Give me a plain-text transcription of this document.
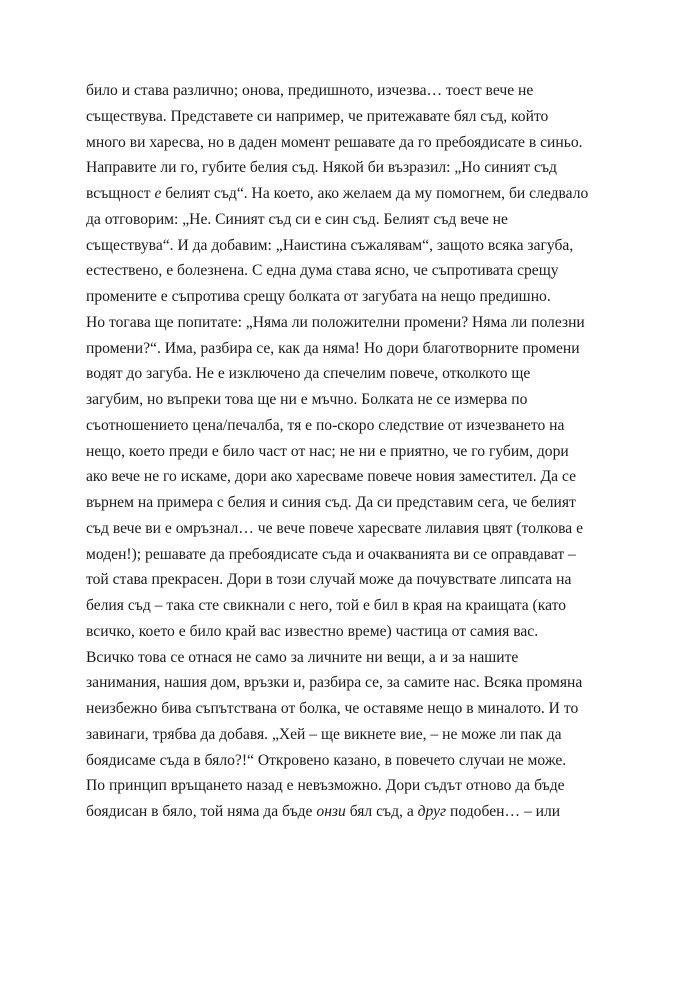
било и става различно; онова, предишното, изчезва… тоест вече не
съществува. Представете си например, че притежавате бял съд, който
много ви харесва, но в даден момент решавате да го пребоядисате в синьо.
Направите ли го, губите белия съд. Някой би възразил: „Но синият съд
всъщност е белият съд“. На което, ако желаем да му помогнем, би следвало
да отговорим: „Не. Синият съд си е син съд. Белият съд вече не
съществува“. И да добавим: „Наистина съжалявам“, защото всяка загуба,
естествено, е болезнена. С една дума става ясно, че съпротивата срещу
промените е съпротива срещу болката от загубата на нещо предишно.
Но тогава ще попитате: „Няма ли положителни промени? Няма ли полезни
промени?“. Има, разбира се, как да няма! Но дори благотворните промени
водят до загуба. Не е изключено да спечелим повече, отколкото ще
загубим, но въпреки това ще ни е мъчно. Болката не се измерва по
съотношението цена/печалба, тя е по-скоро следствие от изчезването на
нещо, което преди е било част от нас; не ни е приятно, че го губим, дори
ако вече не го искаме, дори ако харесваме повече новия заместител. Да се
върнем на примера с белия и синия съд. Да си представим сега, че белият
съд вече ви е омръзнал… че вече повече харесвате лилавия цвят (толкова е
моден!); решавате да пребоядисате съда и очакванията ви се оправдават –
той става прекрасен. Дори в този случай може да почувствате липсата на
белия съд – така сте свикнали с него, той е бил в края на краищата (като
всичко, което е било край вас известно време) частица от самия вас.
Всичко това се отнася не само за личните ни вещи, а и за нашите
занимания, нашия дом, връзки и, разбира се, за самите нас. Всяка промяна
неизбежно бива съпътствана от болка, че оставяме нещо в миналото. И то
завинаги, трябва да добавя. „Хей – ще викнете вие, – не може ли пак да
боядисаме съда в бяло?!“ Откровено казано, в повечето случаи не може.
По принцип връщането назад е невъзможно. Дори съдът отново да бъде
боядисан в бяло, той няма да бъде онзи бял съд, а друг подобен… – или
